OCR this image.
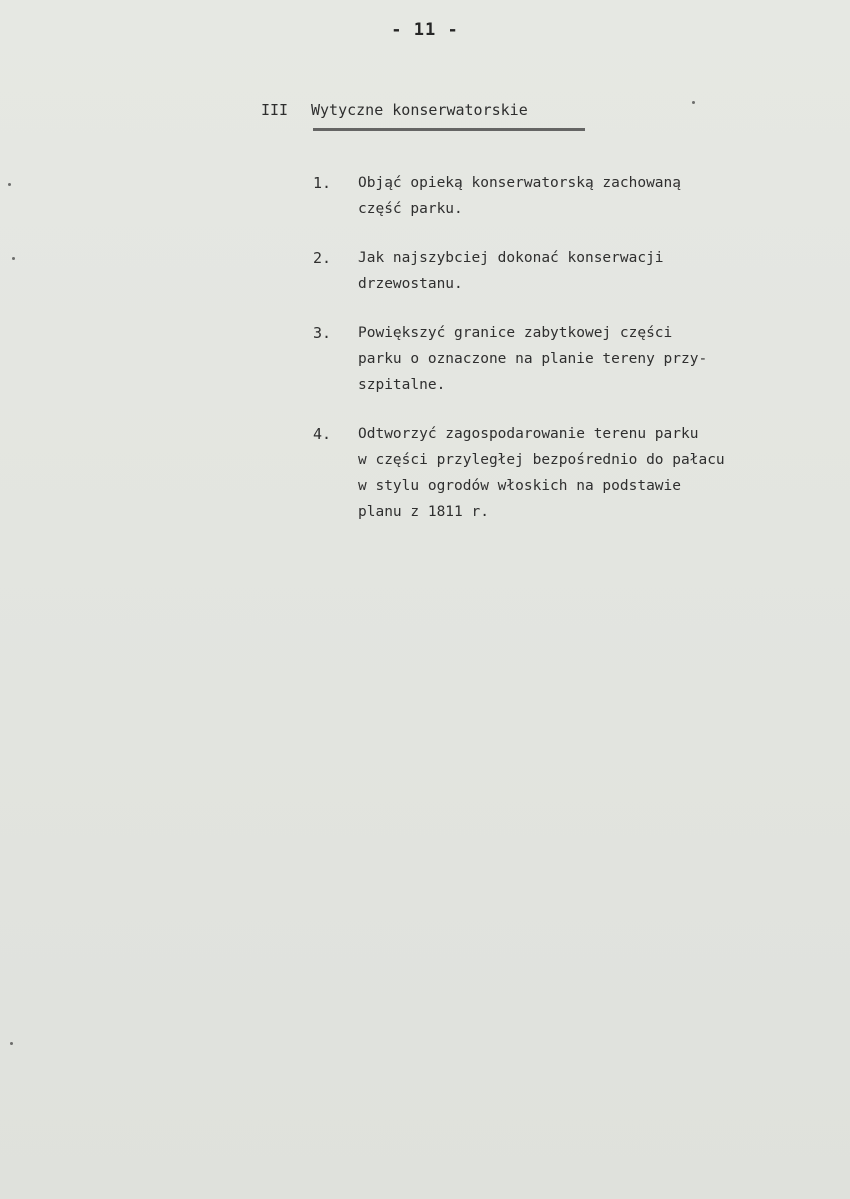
- 11 -
III Wytyczne konserwatorskie
1.	Objąć opieką konserwatorską zachowaną
część parku.
2.	Jak najszybciej dokonać konserwacji
drzewostanu.
3.	Powiększyć granice zabytkowej części
parku o oznaczone na planie tereny przy-
szpitalne.
4.	Odtworzyć zagospodarowanie terenu parku
w części przyległej bezpośrednio do pałacu
w stylu ogrodów włoskich na podstawie
planu z 1811 r.
